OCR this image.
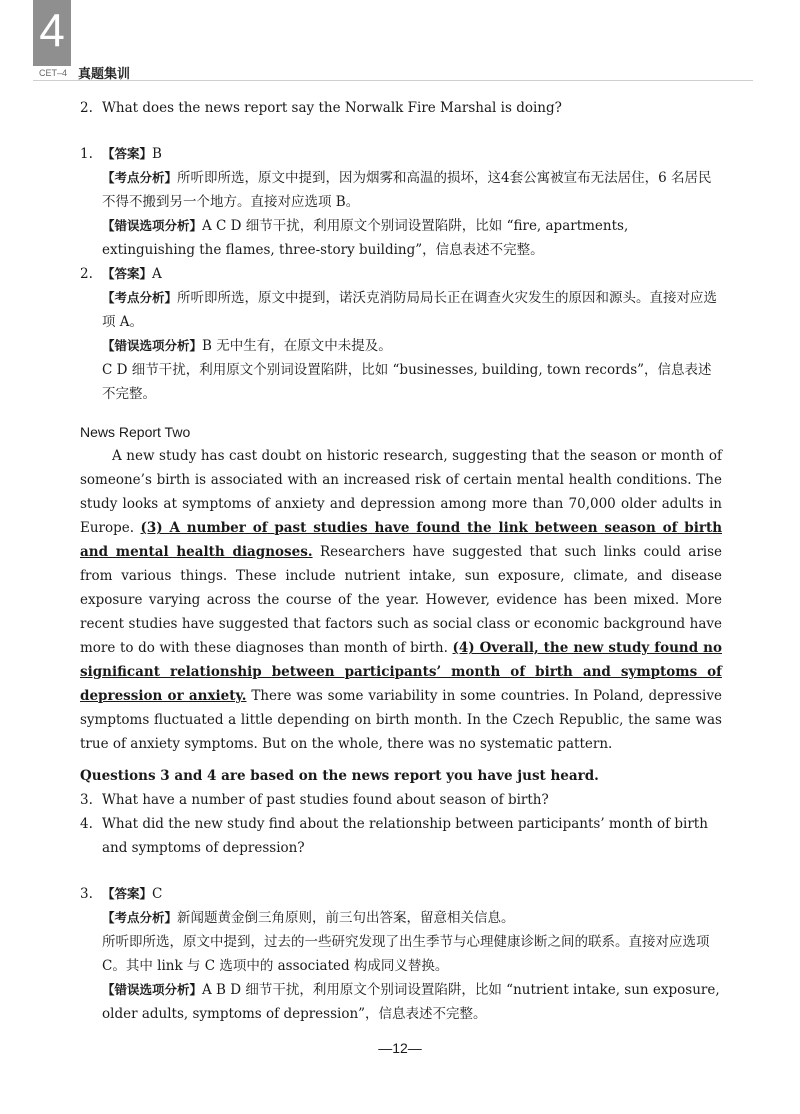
4
CET–4 真题集训
2. What does the news report say the Norwalk Fire Marshal is doing?
1. 【答案】B
【考点分析】所听即所选，原文中提到，因为烟雾和高温的损坏，这4套公寓被宣布无法居住，6 名居民不得不搬到另一个地方。直接对应选项 B。
【错误选项分析】A C D 细节干扰，利用原文个别词设置陷阱，比如 “fire, apartments, extinguishing the flames, three-story building”，信息表述不完整。
2. 【答案】A
【考点分析】所听即所选，原文中提到，诺沃克消防局局长正在调查火灾发生的原因和源头。直接对应选项 A。
【错误选项分析】B 无中生有，在原文中未提及。
C D 细节干扰，利用原文个别词设置陷阱，比如 “businesses, building, town records”，信息表述不完整。
News Report Two
A new study has cast doubt on historic research, suggesting that the season or month of someone’s birth is associated with an increased risk of certain mental health conditions. The study looks at symptoms of anxiety and depression among more than 70,000 older adults in Europe. (3) A number of past studies have found the link between season of birth and mental health diagnoses. Researchers have suggested that such links could arise from various things. These include nutrient intake, sun exposure, climate, and disease exposure varying across the course of the year. However, evidence has been mixed. More recent studies have suggested that factors such as social class or economic background have more to do with these diagnoses than month of birth. (4) Overall, the new study found no significant relationship between participants’ month of birth and symptoms of depression or anxiety. There was some variability in some countries. In Poland, depressive symptoms fluctuated a little depending on birth month. In the Czech Republic, the same was true of anxiety symptoms. But on the whole, there was no systematic pattern.
Questions 3 and 4 are based on the news report you have just heard.
3. What have a number of past studies found about season of birth?
4. What did the new study find about the relationship between participants’ month of birth and symptoms of depression?
3. 【答案】C
【考点分析】新闻题黄金倒三角原则，前三句出答案，留意相关信息。
所听即所选，原文中提到，过去的一些研究发现了出生季节与心理健康诊断之间的联系。直接对应选项 C。其中 link 与 C 选项中的 associated 构成同义替换。
【错误选项分析】A B D 细节干扰，利用原文个别词设置陷阱，比如 “nutrient intake, sun exposure, older adults, symptoms of depression”，信息表述不完整。
—12—
